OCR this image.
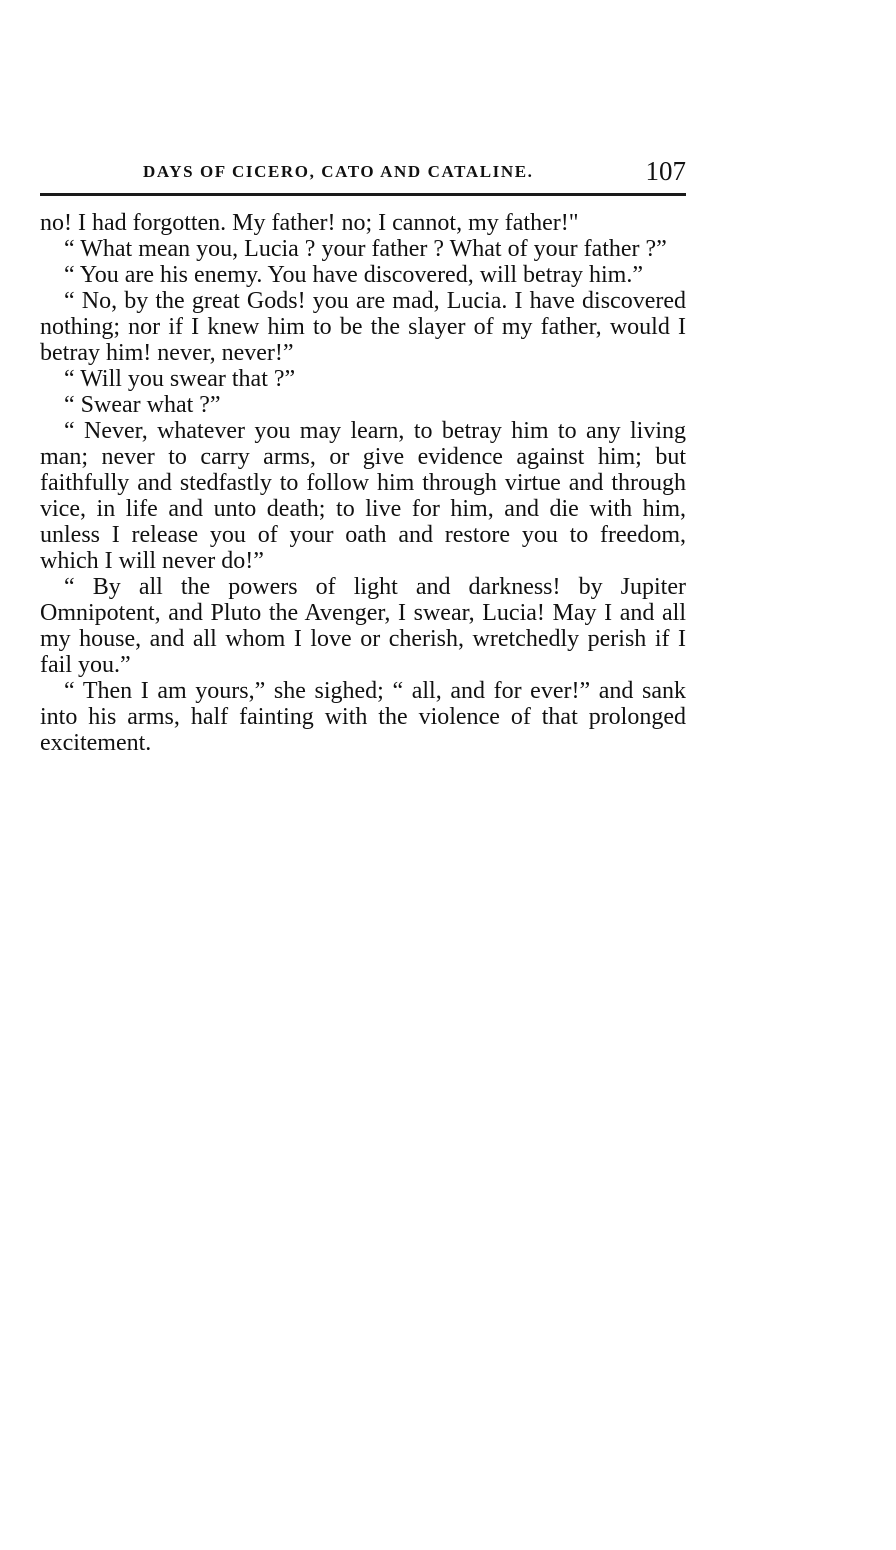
DAYS OF CICERO, CATO AND CATALINE.	107

no! I had forgotten. My father! no; I cannot, my father!"

“ What mean you, Lucia ? your father ? What of your father ?”

“ You are his enemy. You have discovered, will betray him.”

“ No, by the great Gods! you are mad, Lucia. I have discovered nothing; nor if I knew him to be the slayer of my father, would I betray him! never, never!”

“ Will you swear that ?”

“ Swear what ?”

“ Never, whatever you may learn, to betray him to any living man; never to carry arms, or give evidence against him; but faithfully and stedfastly to follow him through virtue and through vice, in life and unto death; to live for him, and die with him, unless I release you of your oath and restore you to freedom, which I will never do!”

“ By all the powers of light and darkness! by Jupiter Omnipotent, and Pluto the Avenger, I swear, Lucia! May I and all my house, and all whom I love or cherish, wretchedly perish if I fail you.”

“ Then I am yours,” she sighed; “ all, and for ever!” and sank into his arms, half fainting with the violence of that prolonged excitement.
